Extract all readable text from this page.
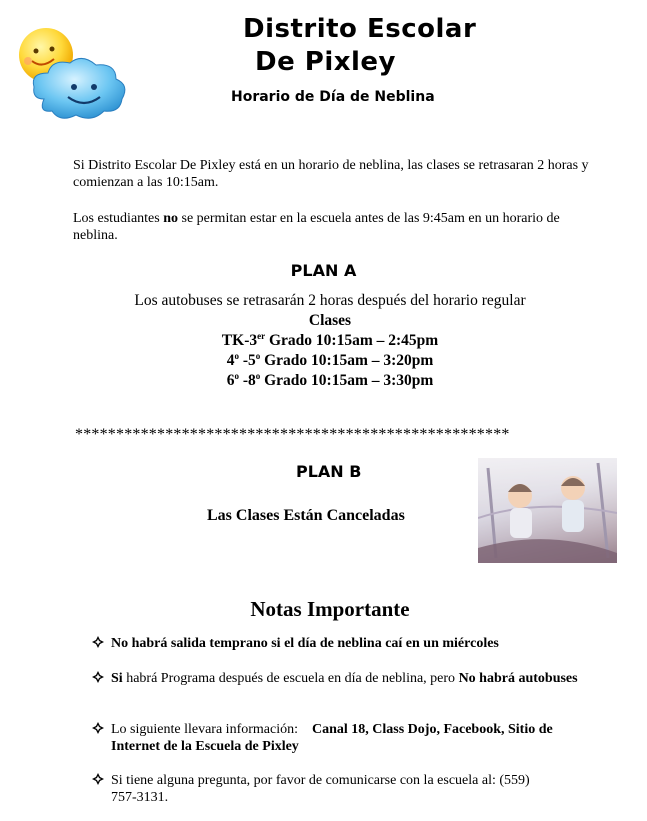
Distrito Escolar
De Pixley
Horario de Día de Neblina
Si Distrito Escolar De Pixley está en un horario de neblina, las clases se retrasaran 2 horas y comienzan a las 10:15am.
Los estudiantes no se permitan estar en la escuela antes de las 9:45am en un horario de neblina.
PLAN A
Los autobuses se retrasarán 2 horas después del horario regular
Clases
TK-3er Grado 10:15am – 2:45pm
4$^o$ -5$^o$ Grado 10:15am – 3:20pm
6$^o$ -8$^o$ Grado 10:15am – 3:30pm
*****************************************************
PLAN B
Las Clases Están Canceladas
Notas Importante
No habrá salida temprano si el día de neblina caí en un miércoles
Si habrá Programa después de escuela en día de neblina, pero No habrá autobuses
Lo siguiente llevara información:    Canal 18, Class Dojo, Facebook, Sitio de Internet de la Escuela de Pixley
Si tiene alguna pregunta, por favor de comunicarse con la escuela al: (559) 757-3131.
